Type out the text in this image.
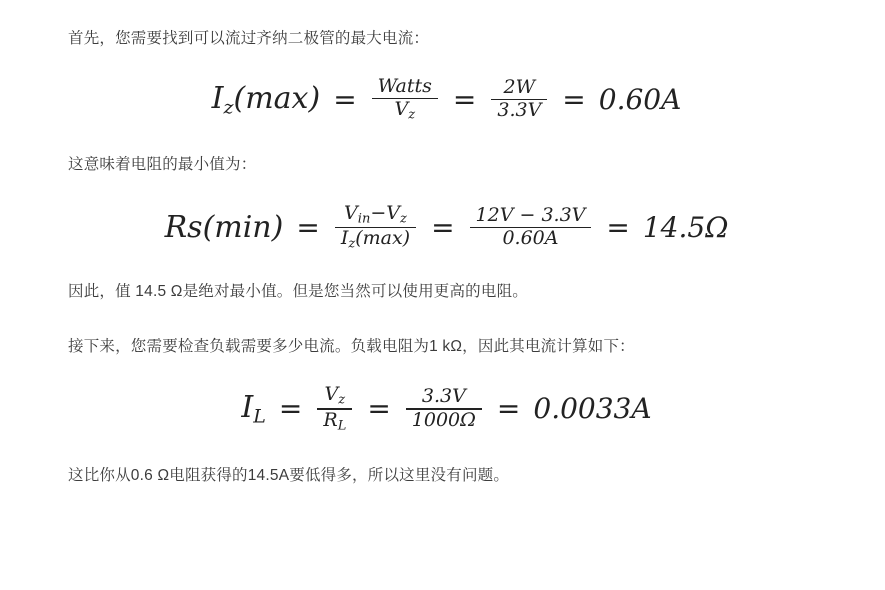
首先，您需要找到可以流过齐纳二极管的最大电流：

$I_z(\max) = \frac{\text{Watts}}{V_z} = \frac{2W}{3.3V} = 0.60A$

这意味着电阻的最小值为：

$Rs(\min) = \frac{V_{in}-V_z}{I_z(\max)} = \frac{12V - 3.3V}{0.60A} = 14.5\Omega$

因此，值 14.5 Ω是绝对最小值。但是您当然可以使用更高的电阻。

接下来，您需要检查负载需要多少电流。负载电阻为1 kΩ，因此其电流计算如下：

$I_L = \frac{V_z}{R_L} = \frac{3.3V}{1000\Omega} = 0.0033A$

这比你从0.6 Ω电阻获得的14.5A要低得多，所以这里没有问题。
